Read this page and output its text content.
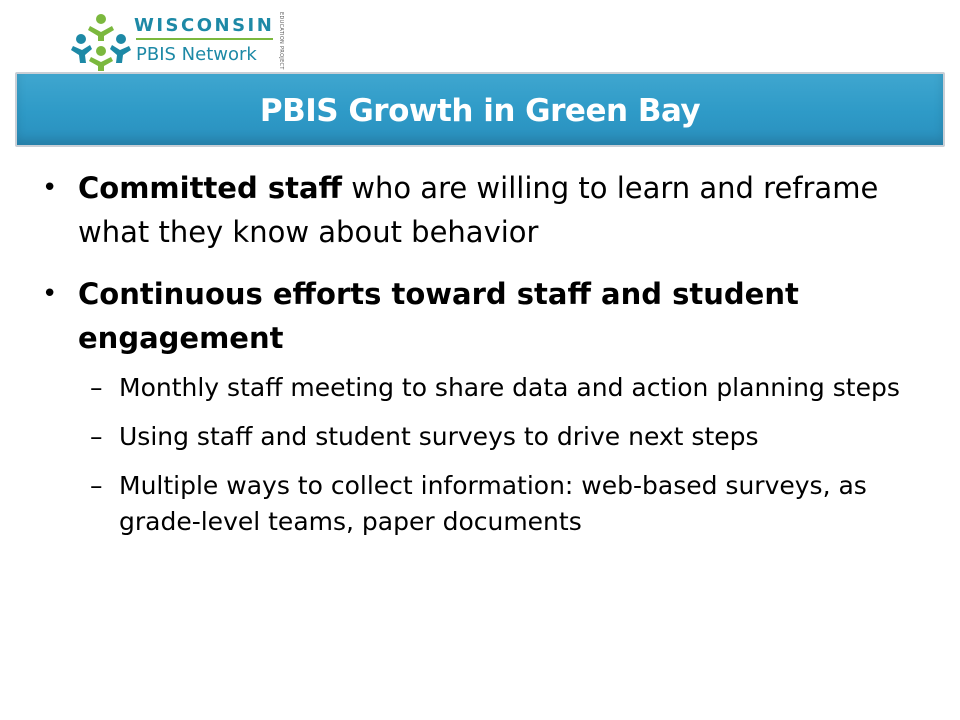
WISCONSIN
PBIS Network	EDUCATION PROJECT
PBIS Growth in Green Bay
• Committed staff who are willing to learn and reframe what they know about behavior
• Continuous efforts toward staff and student engagement
– Monthly staff meeting to share data and action planning steps
– Using staff and student surveys to drive next steps
– Multiple ways to collect information: web-based surveys, as grade-level teams, paper documents
